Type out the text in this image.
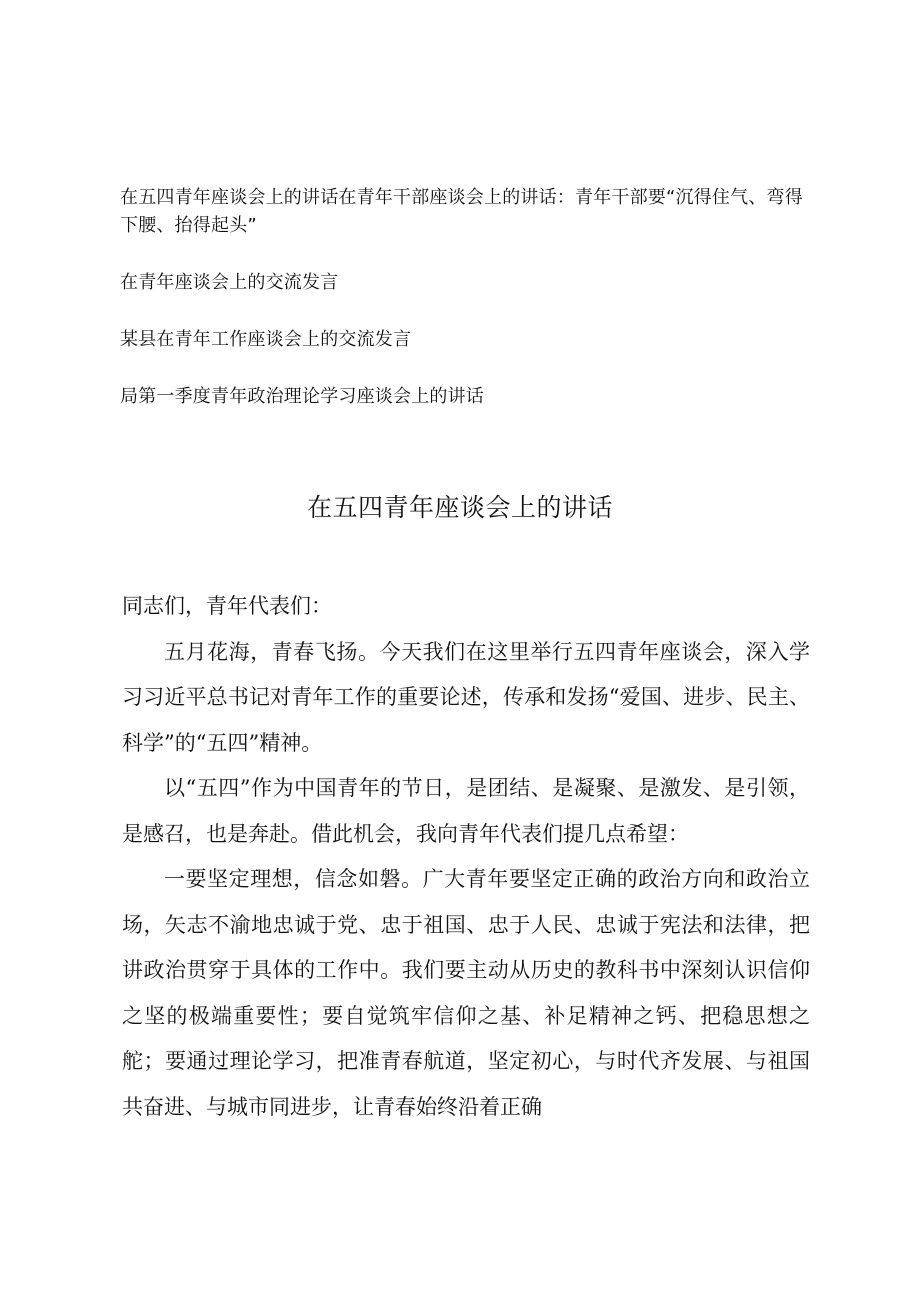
在五四青年座谈会上的讲话在青年干部座谈会上的讲话：青年干部要“沉得住气、弯得下腰、抬得起头”
在青年座谈会上的交流发言
某县在青年工作座谈会上的交流发言
局第一季度青年政治理论学习座谈会上的讲话
在五四青年座谈会上的讲话

同志们，青年代表们：

五月花海，青春飞扬。今天我们在这里举行五四青年座谈会，深入学习习近平总书记对青年工作的重要论述，传承和发扬“爱国、进步、民主、科学”的“五四”精神。

以“五四”作为中国青年的节日，是团结、是凝聚、是激发、是引领，是感召，也是奔赴。借此机会，我向青年代表们提几点希望：

一要坚定理想，信念如磐。广大青年要坚定正确的政治方向和政治立场，矢志不渝地忠诚于党、忠于祖国、忠于人民、忠诚于宪法和法律，把讲政治贯穿于具体的工作中。我们要主动从历史的教科书中深刻认识信仰之坚的极端重要性；要自觉筑牢信仰之基、补足精神之钙、把稳思想之舵；要通过理论学习，把准青春航道，坚定初心，与时代齐发展、与祖国共奋进、与城市同进步，让青春始终沿着正确
